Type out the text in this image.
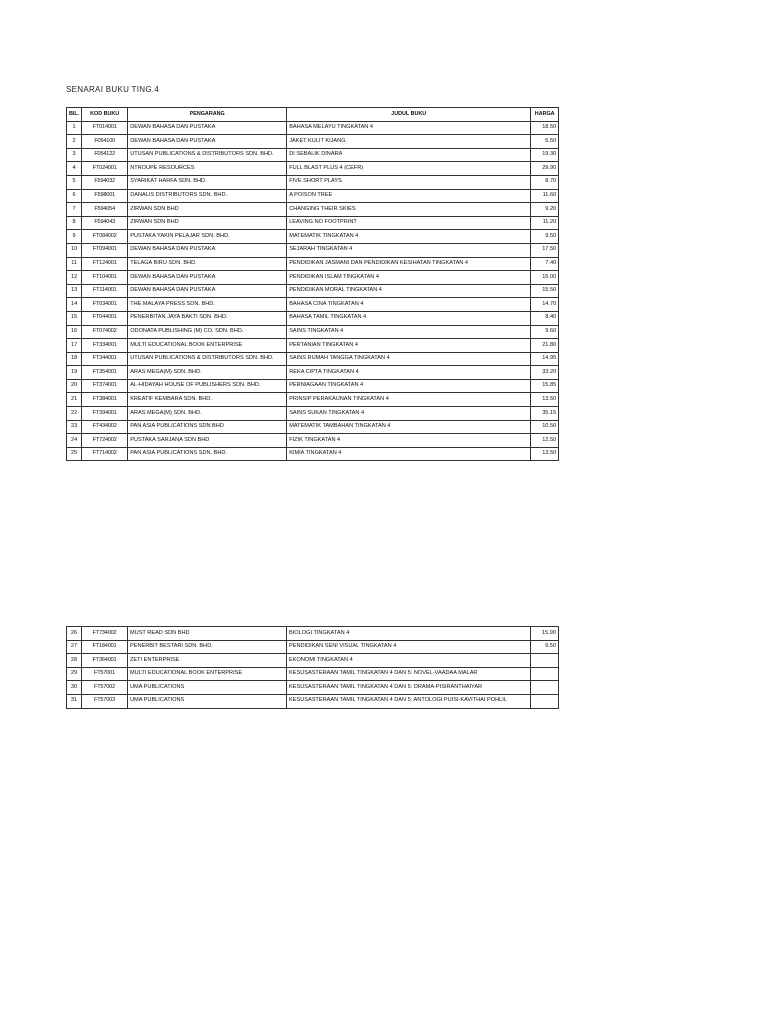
SENARAI BUKU TING.4
BIL.	KOD BUKU	PENGARANG	JUDUL BUKU	HARGA
1	FT014001	DEWAN BAHASA DAN PUSTAKA	BAHASA MELAYU TINGKATAN 4	18.50
2	F054100	DEWAN BAHASA DAN PUSTAKA	JAKET KULIT KIJANG	5.50
3	F054122	UTUSAN PUBLICATIONS & DISTRIBUTORS SDN. BHD.	DI SEBALIK DINARA	19.30
4	FT024001	NTROUPE RESOURCES	FULL BLAST PLUS 4 (CEFR)	29.90
5	F594032	SYARIKAT HARFA SDN. BHD.	FIVE SHORT PLAYS	8.70
6	F598001	DANALIS DISTRIBUTORS SDN. BHD.	A POISON TREE	11.60
7	F594054	ZIRWAN SDN BHD	CHANGING THEIR SKIES	9.20
8	F594043	ZIRWAN SDN BHD	LEAVING NO FOOTPRINT	11.20
9	FT084002	PUSTAKA YAKIN PELAJAR SDN. BHD.	MATEMATIK TINGKATAN 4	9.50
10	FT094001	DEWAN BAHASA DAN PUSTAKA	SEJARAH TINGKATAN 4	17.50
11	FT124001	TELAGA BIRU SDN. BHD.	PENDIDIKAN JASMANI DAN PENDIDIKAN KESIHATAN TINGKATAN 4	7.40
12	FT104001	DEWAN BAHASA DAN PUSTAKA	PENDIDIKAN ISLAM TINGKATAN 4	15.00
13	FT114001	DEWAN BAHASA DAN PUSTAKA	PENDIDIKAN MORAL TINGKATAN 4	15.50
14	FT034001	THE MALAYA PRESS SDN. BHD.	BAHASA CINA TINGKATAN 4	14.70
15	FT044001	PENERBITAN JAYA BAKTI SDN. BHD.	BAHASA TAMIL TINGKATAN 4	8.40
16	FT074002	ODONATA PUBLISHING (M) CO. SDN. BHD.	SAINS TINGKATAN 4	9.60
17	FT334001	MULTI EDUCATIONAL BOOK ENTERPRISE	PERTANIAN TINGKATAN 4	21.80
18	FT344001	UTUSAN PUBLICATIONS & DISTRIBUTORS SDN. BHD.	SAINS RUMAH TANGGA TINGKATAN 4	14.95
19	FT354001	ARAS MEGA(M) SDN. BHD.	REKA CIPTA TINGKATAN 4	33.20
20	FT374001	AL-HIDAYAH HOUSE OF PUBLISHERS SDN. BHD.	PERNIAGAAN TINGKATAN 4	15.85
21	FT384001	KREATIF KEMBARA SDN. BHD.	PRINSIP PERAKAUNAN TINGKATAN 4	13.50
22	FT394001	ARAS MEGA(M) SDN. BHD.	SAINS SUKAN TINGKATAN 4	35.15
23	FT434002	PAN ASIA PUBLICATIONS SDN BHD	MATEMATIK TAMBAHAN TINGKATAN 4	10.50
24	FT724002	PUSTAKA SARJANA SDN BHD	FIZIK TINGKATAN 4	12.50
25	FT714002	PAN ASIA PUBLICATIONS SDN. BHD.	KIMIA TINGKATAN 4	13.50
26	FT734002	MUST READ SDN BHD	BIOLOGI TINGKATAN 4	15.90
27	FT184001	PENERBIT BESTARI SDN. BHD.	PENDIDIKAN SENI VISUAL TINGKATAN 4	9.50
28	FT364001	ZETI ENTERPRISE	EKONOMI TINGKATAN 4	
29	FT57001	MULTI EDUCATIONAL BOOK ENTERPRISE	KESUSASTERAAN TAMIL TINGKATAN 4 DAN 5: NOVEL-VAADAA MALAR	
30	FT57002	UMA PUBLICATIONS	KESUSASTERAAN TAMIL TINGKATAN 4 DAN 5: DRAMA-PISIRANTHAIYAR	
31	FT57003	UMA PUBLICATIONS	KESUSASTERAAN TAMIL TINGKATAN 4 DAN 5: ANTOLOGI PUISI-KAVITHAI POHLIL	
